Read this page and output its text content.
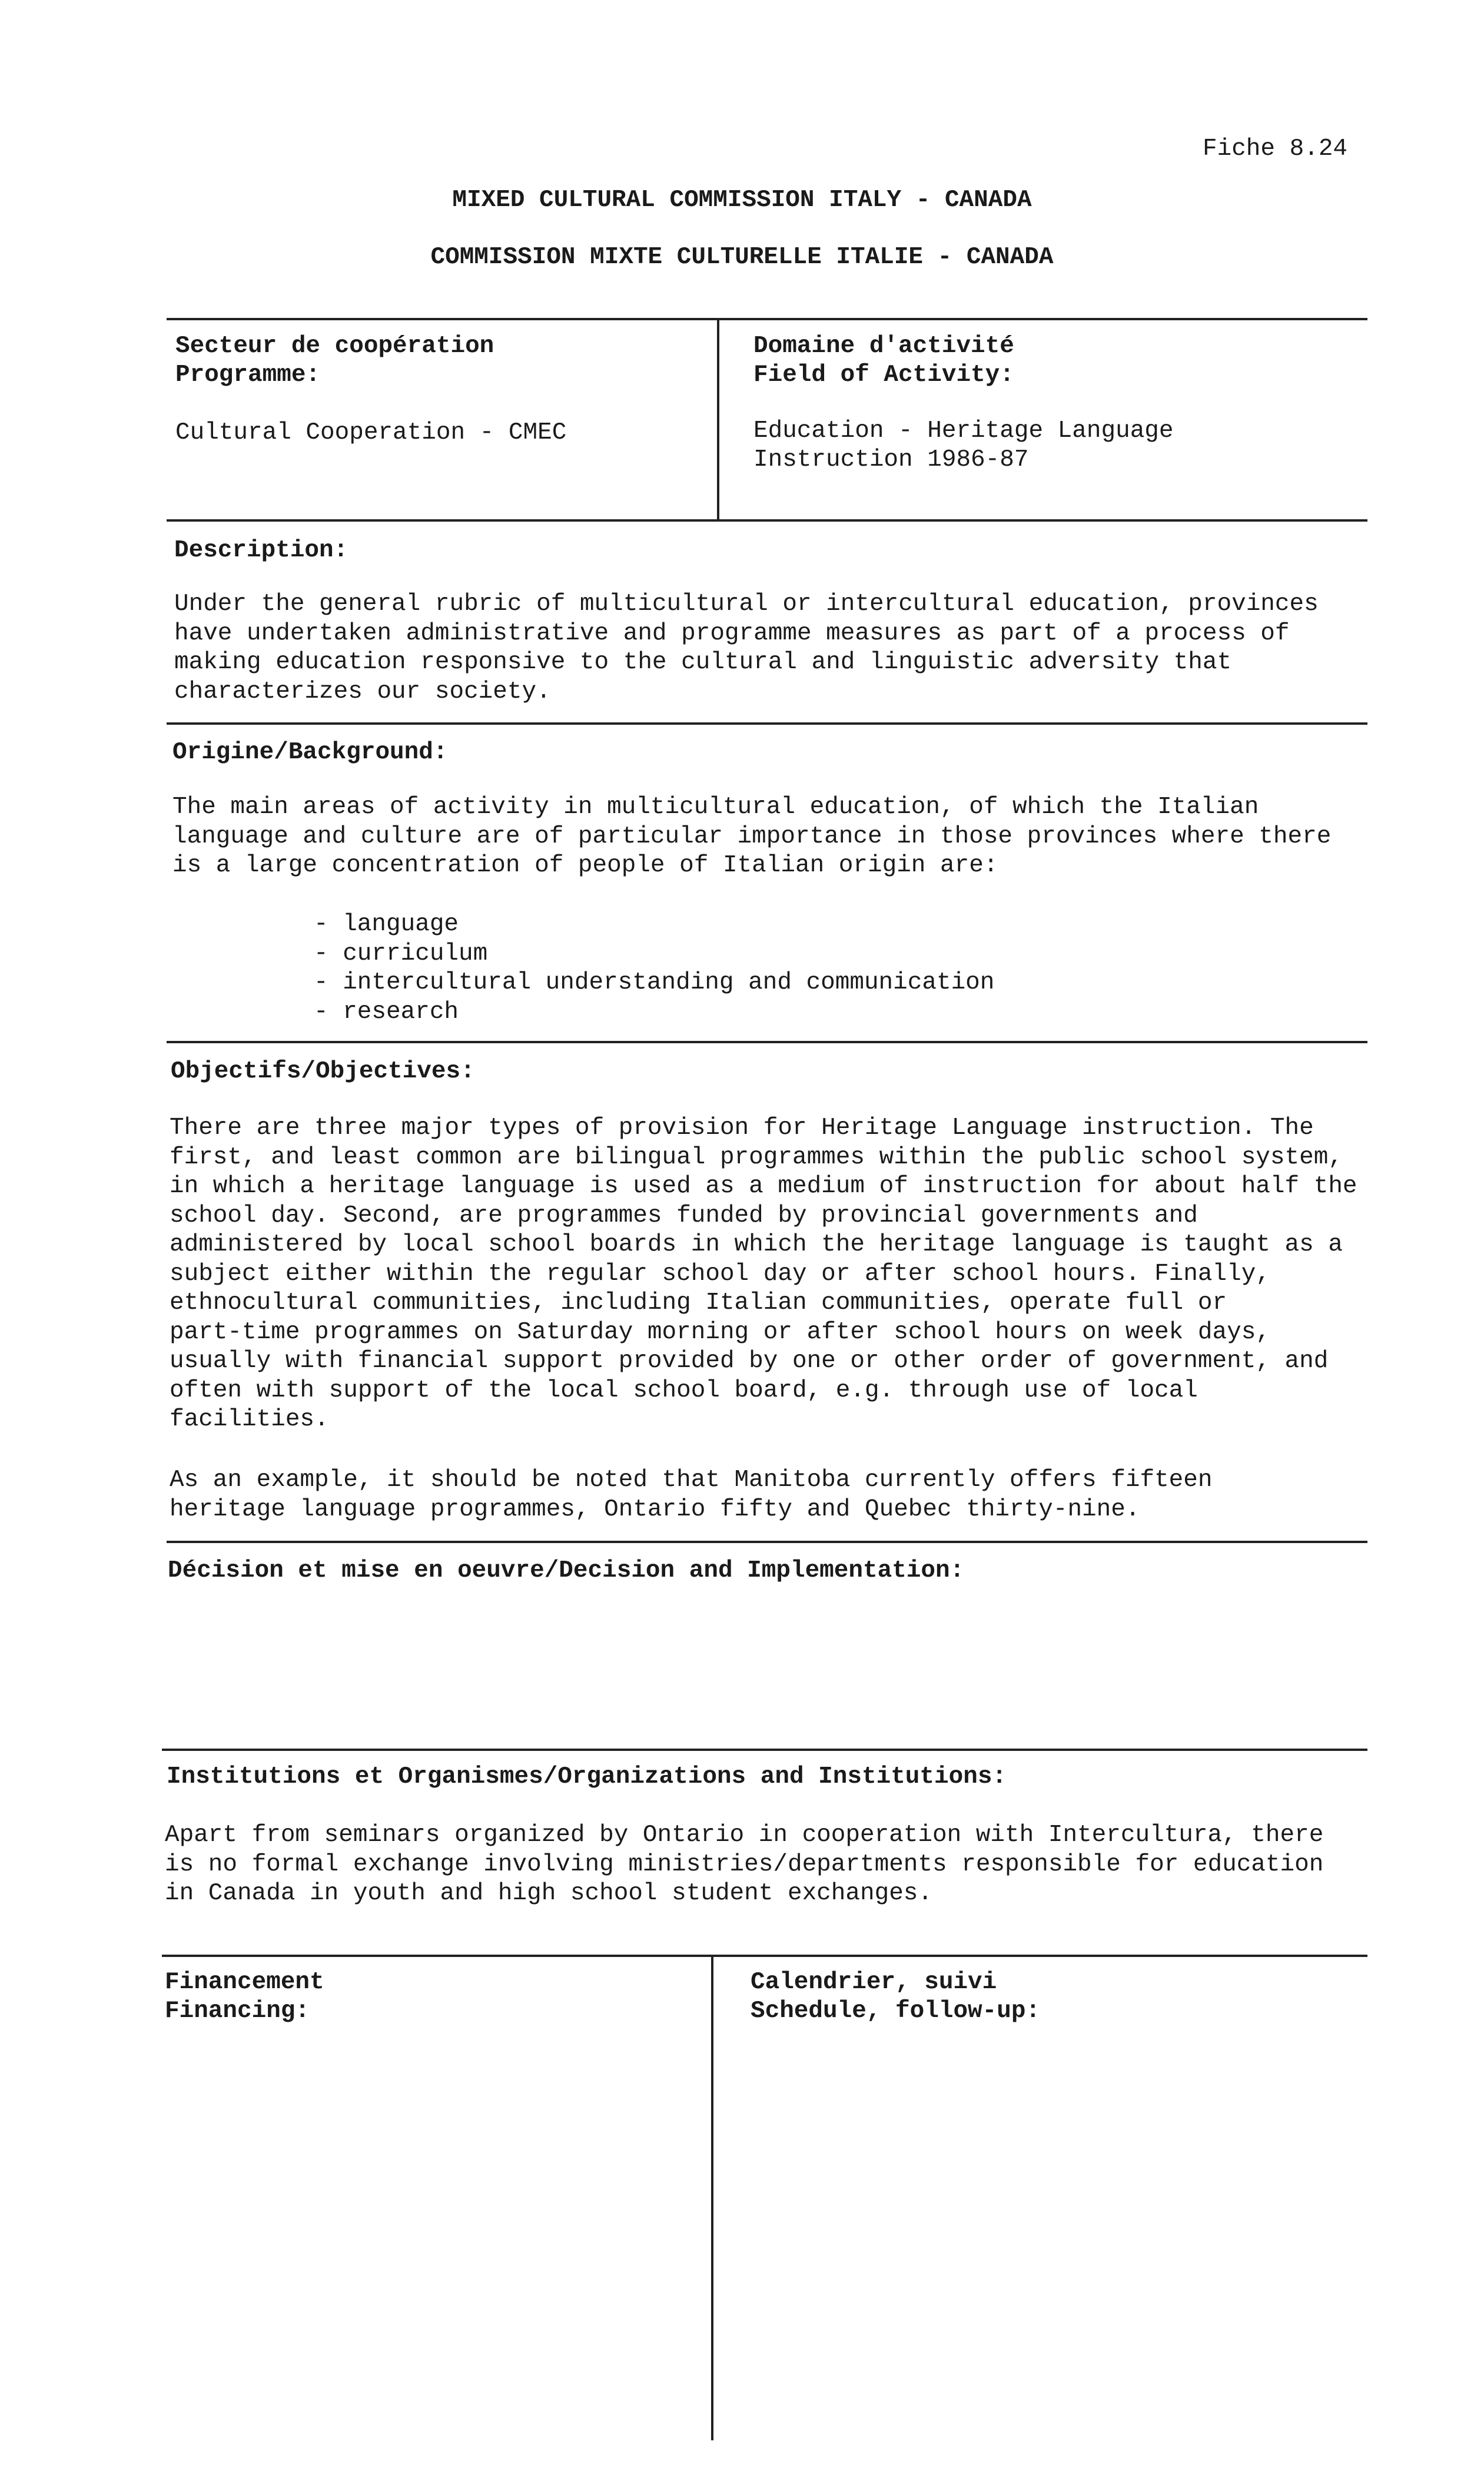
Fiche 8.24
MIXED CULTURAL COMMISSION ITALY - CANADA
COMMISSION MIXTE CULTURELLE ITALIE - CANADA
Secteur de coopération
Programme:
Cultural Cooperation - CMEC
Domaine d'activité
Field of Activity:
Education - Heritage Language
Instruction 1986-87
Description:
Under the general rubric of multicultural or intercultural education, provinces
have undertaken administrative and programme measures as part of a process of
making education responsive to the cultural and linguistic adversity that
characterizes our society.
Origine/Background:
The main areas of activity in multicultural education, of which the Italian
language and culture are of particular importance in those provinces where there
is a large concentration of people of Italian origin are:
- language
- curriculum
- intercultural understanding and communication
- research
Objectifs/Objectives:
There are three major types of provision for Heritage Language instruction. The
first, and least common are bilingual programmes within the public school system,
in which a heritage language is used as a medium of instruction for about half the
school day. Second, are programmes funded by provincial governments and
administered by local school boards in which the heritage language is taught as a
subject either within the regular school day or after school hours. Finally,
ethnocultural communities, including Italian communities, operate full or
part-time programmes on Saturday morning or after school hours on week days,
usually with financial support provided by one or other order of government, and
often with support of the local school board, e.g. through use of local
facilities.
As an example, it should be noted that Manitoba currently offers fifteen
heritage language programmes, Ontario fifty and Quebec thirty-nine.
Décision et mise en oeuvre/Decision and Implementation:
Institutions et Organismes/Organizations and Institutions:
Apart from seminars organized by Ontario in cooperation with Intercultura, there
is no formal exchange involving ministries/departments responsible for education
in Canada in youth and high school student exchanges.
Financement
Financing:
Calendrier, suivi
Schedule, follow-up:
